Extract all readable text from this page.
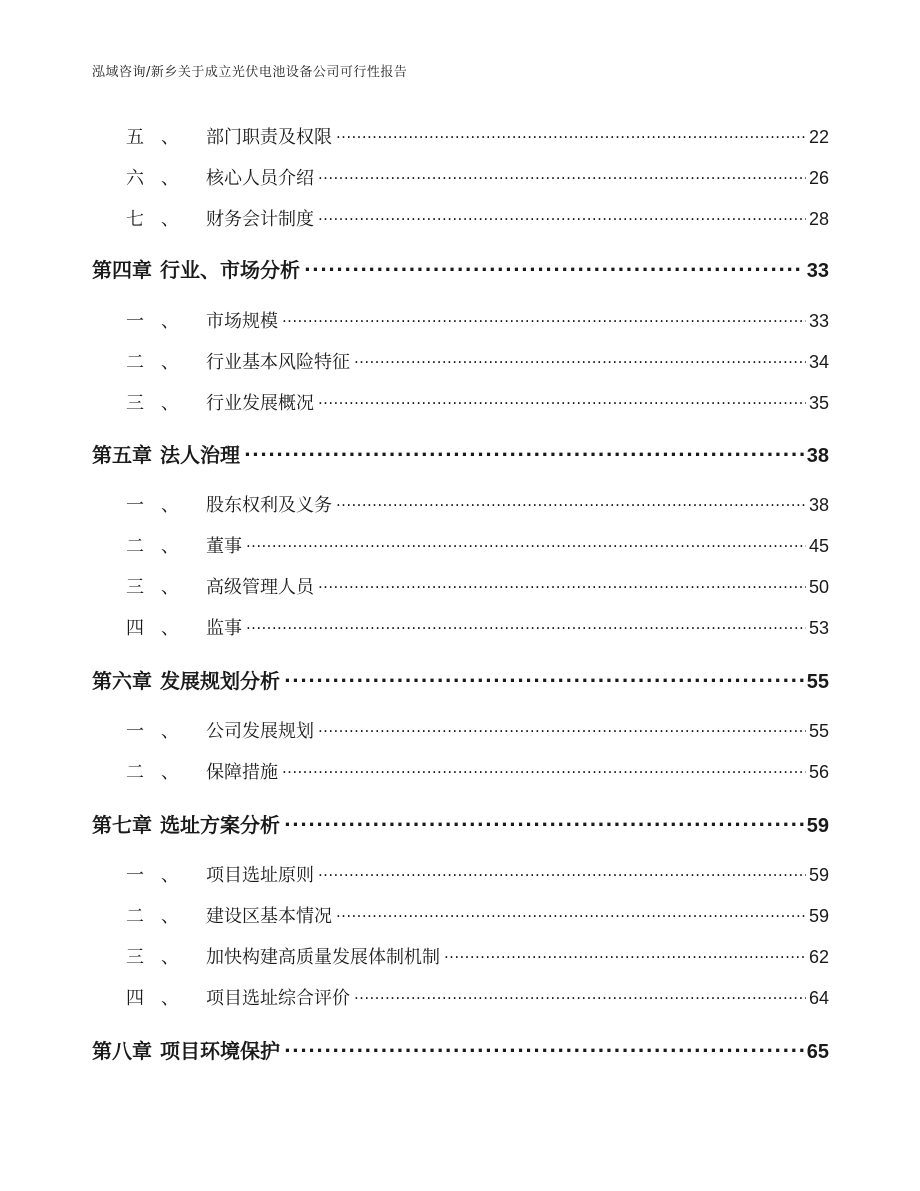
泓域咨询/新乡关于成立光伏电池设备公司可行性报告
五 、	部门职责及权限 .....	22
六 、	核心人员介绍 .....	26
七 、	财务会计制度 .....	28
第四章 行业、市场分析 .....	33
一 、	市场规模 .....	33
二 、	行业基本风险特征 .....	34
三 、	行业发展概况 .....	35
第五章 法人治理 .....	38
一 、	股东权利及义务 .....	38
二 、	董事 .....	45
三 、	高级管理人员 .....	50
四 、	监事 .....	53
第六章 发展规划分析 .....	55
一 、	公司发展规划 .....	55
二 、	保障措施 .....	56
第七章 选址方案分析 .....	59
一 、	项目选址原则 .....	59
二 、	建设区基本情况 .....	59
三 、	加快构建高质量发展体制机制 .....	62
四 、	项目选址综合评价 .....	64
第八章 项目环境保护 .....	65
